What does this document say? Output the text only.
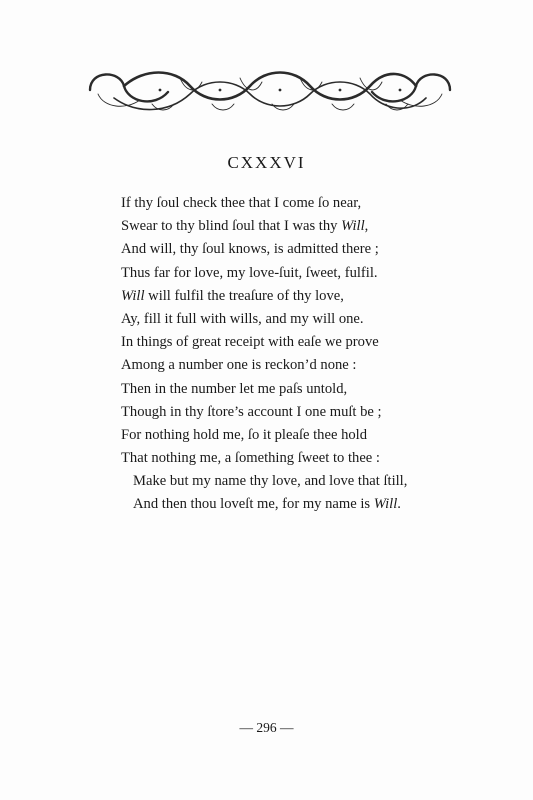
CXXXVI
If thy ſoul check thee that I come ſo near,
Swear to thy blind ſoul that I was thy Will,
And will, thy ſoul knows, is admitted there ;
Thus far for love, my love-ſuit, ſweet, fulfil.
Will will fulfil the treaſure of thy love,
Ay, fill it full with wills, and my will one.
In things of great receipt with eaſe we prove
Among a number one is reckon’d none :
Then in the number let me paſs untold,
Though in thy ſtore’s account I one muſt be ;
For nothing hold me, ſo it pleaſe thee hold
That nothing me, a ſomething ſweet to thee :
Make but my name thy love, and love that ſtill,
And then thou loveſt me, for my name is Will.
— 296 —
